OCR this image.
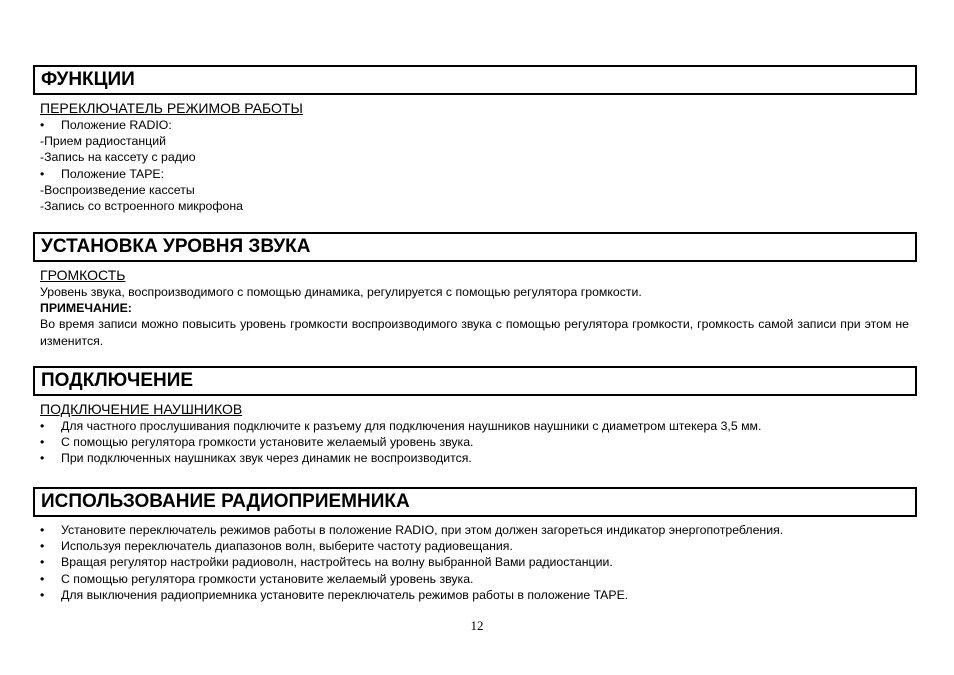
ФУНКЦИИ
ПЕРЕКЛЮЧАТЕЛЬ РЕЖИМОВ РАБОТЫ
• Положение RADIO:
-Прием радиостанций
-Запись на кассету с радио
• Положение TAPE:
-Воспроизведение кассеты
-Запись со встроенного микрофона
УСТАНОВКА УРОВНЯ ЗВУКА
ГРОМКОСТЬ
Уровень звука, воспроизводимого с помощью динамика, регулируется с помощью регулятора громкости.
ПРИМЕЧАНИЕ:
Во время записи можно повысить уровень громкости воспроизводимого звука с помощью регулятора громкости, громкость самой записи при этом не изменится.
ПОДКЛЮЧЕНИЕ
ПОДКЛЮЧЕНИЕ НАУШНИКОВ
• Для частного прослушивания подключите к разъему для подключения наушников наушники с диаметром штекера 3,5 мм.
• С помощью регулятора громкости установите желаемый уровень звука.
• При подключенных наушниках звук через динамик не воспроизводится.
ИСПОЛЬЗОВАНИЕ РАДИОПРИЕМНИКА
• Установите переключатель режимов работы в положение RADIO, при этом должен загореться индикатор энергопотребления.
• Используя переключатель диапазонов волн, выберите частоту радиовещания.
• Вращая регулятор настройки радиоволн, настройтесь на волну выбранной Вами радиостанции.
• С помощью регулятора громкости установите желаемый уровень звука.
• Для выключения радиоприемника установите переключатель режимов работы в положение TAPE.
12
